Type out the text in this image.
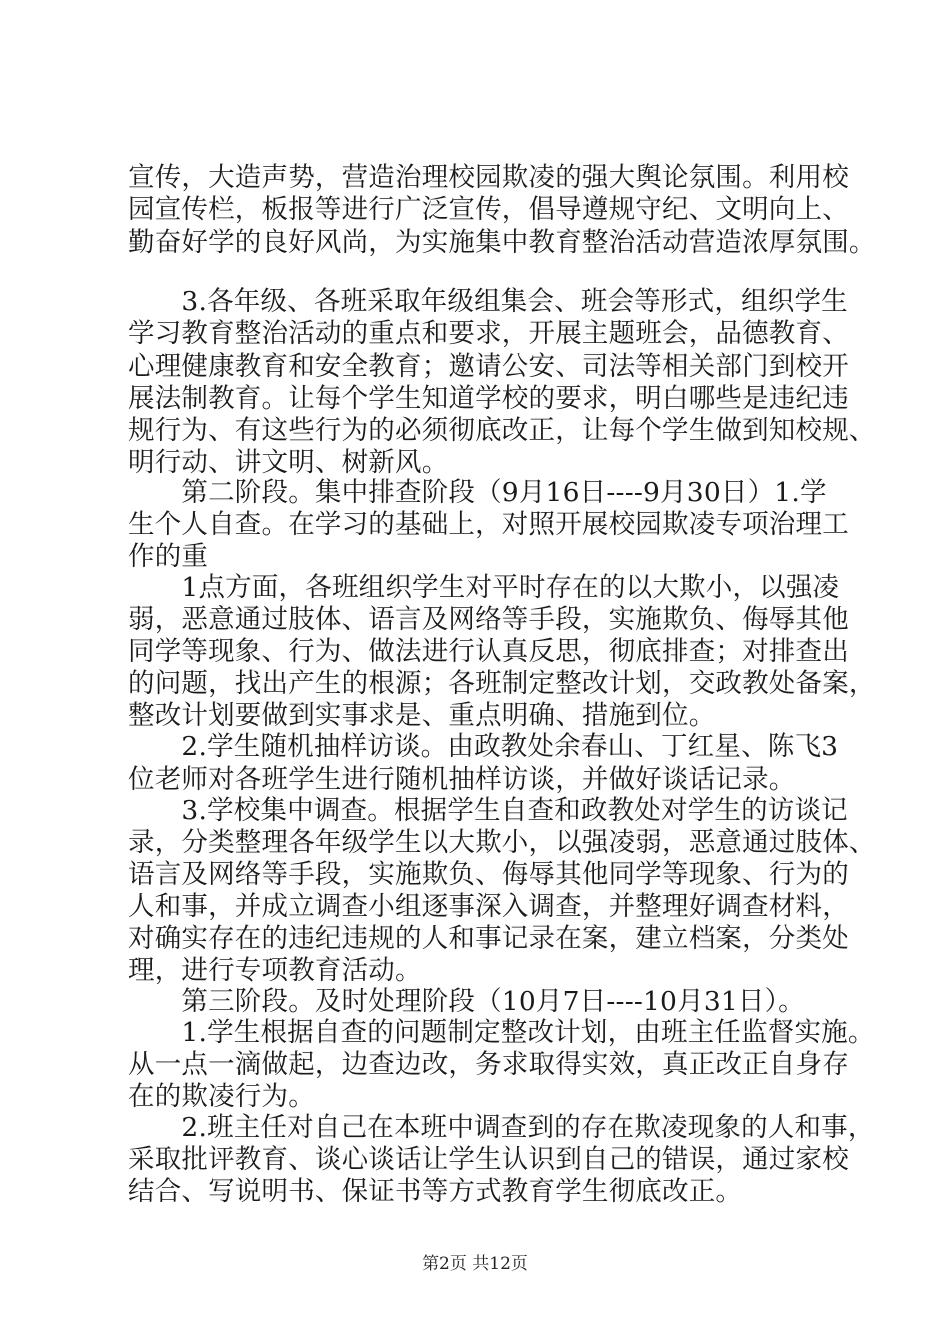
宣传，大造声势，营造治理校园欺凌的强大舆论氛围。利用校
园宣传栏，板报等进行广泛宣传，倡导遵规守纪、文明向上、
勤奋好学的良好风尚，为实施集中教育整治活动营造浓厚氛围。
　　3.各年级、各班采取年级组集会、班会等形式，组织学生
学习教育整治活动的重点和要求，开展主题班会，品德教育、
心理健康教育和安全教育；邀请公安、司法等相关部门到校开
展法制教育。让每个学生知道学校的要求，明白哪些是违纪违
规行为、有这些行为的必须彻底改正，让每个学生做到知校规、
明行动、讲文明、树新风。
　　第二阶段。集中排查阶段（9月16日----9月30日）1.学
生个人自查。在学习的基础上，对照开展校园欺凌专项治理工
作的重
　　1点方面，各班组织学生对平时存在的以大欺小，以强凌
弱，恶意通过肢体、语言及网络等手段，实施欺负、侮辱其他
同学等现象、行为、做法进行认真反思，彻底排查；对排查出
的问题，找出产生的根源；各班制定整改计划，交政教处备案，
整改计划要做到实事求是、重点明确、措施到位。
　　2.学生随机抽样访谈。由政教处余春山、丁红星、陈飞3
位老师对各班学生进行随机抽样访谈，并做好谈话记录。
　　3.学校集中调查。根据学生自查和政教处对学生的访谈记
录，分类整理各年级学生以大欺小，以强凌弱，恶意通过肢体、
语言及网络等手段，实施欺负、侮辱其他同学等现象、行为的
人和事，并成立调查小组逐事深入调查，并整理好调查材料，
对确实存在的违纪违规的人和事记录在案，建立档案，分类处
理，进行专项教育活动。
　　第三阶段。及时处理阶段（10月7日----10月31日）。
　　1.学生根据自查的问题制定整改计划，由班主任监督实施。
从一点一滴做起，边查边改，务求取得实效，真正改正自身存
在的欺凌行为。
　　2.班主任对自己在本班中调查到的存在欺凌现象的人和事，
采取批评教育、谈心谈话让学生认识到自己的错误，通过家校
结合、写说明书、保证书等方式教育学生彻底改正。
第2页 共12页
